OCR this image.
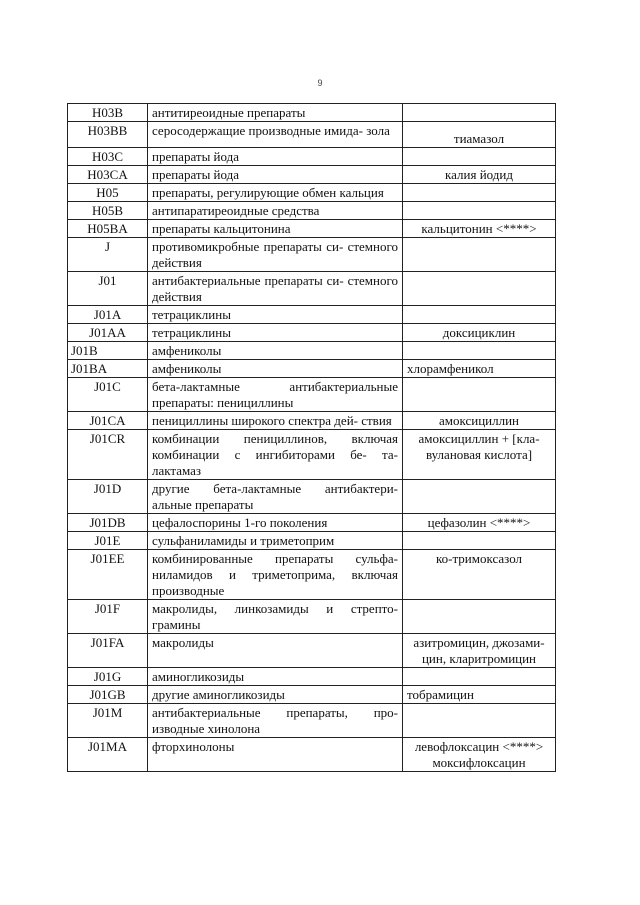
9
H03B	антитиреоидные препараты	
H03BB	серосодержащие производные имида- зола	тиамазол
H03C	препараты йода	
H03CA	препараты йода	калия йодид
H05	препараты, регулирующие обмен кальция	
H05B	антипаратиреоидные средства	
H05BA	препараты кальцитонина	кальцитонин <****>
J	противомикробные препараты си- стемного действия	
J01	антибактериальные препараты си- стемного действия	
J01A	тетрациклины	
J01AA	тетрациклины	доксициклин
J01B	амфениколы	
J01BA	амфениколы	хлорамфеникол
J01C	бета-лактамные антибактериальные препараты: пенициллины	
J01CA	пенициллины широкого спектра дей- ствия	амоксициллин
J01CR	комбинации пенициллинов, включая комбинации с ингибиторами бе- та-лактамаз	амоксициллин + [кла- вулановая кислота]
J01D	другие бета-лактамные антибактери- альные препараты	
J01DB	цефалоспорины 1-го поколения	цефазолин <****>
J01E	сульфаниламиды и триметоприм	
J01EE	комбинированные препараты сульфа- ниламидов и триметоприма, включая производные	ко-тримоксазол
J01F	макролиды, линкозамиды и стрепто- грамины	
J01FA	макролиды	азитромицин, джозами- цин, кларитромицин
J01G	аминогликозиды	
J01GB	другие аминогликозиды	тобрамицин
J01M	антибактериальные препараты, про- изводные хинолона	
J01MA	фторхинолоны	левофлоксацин <****> моксифлоксацин
